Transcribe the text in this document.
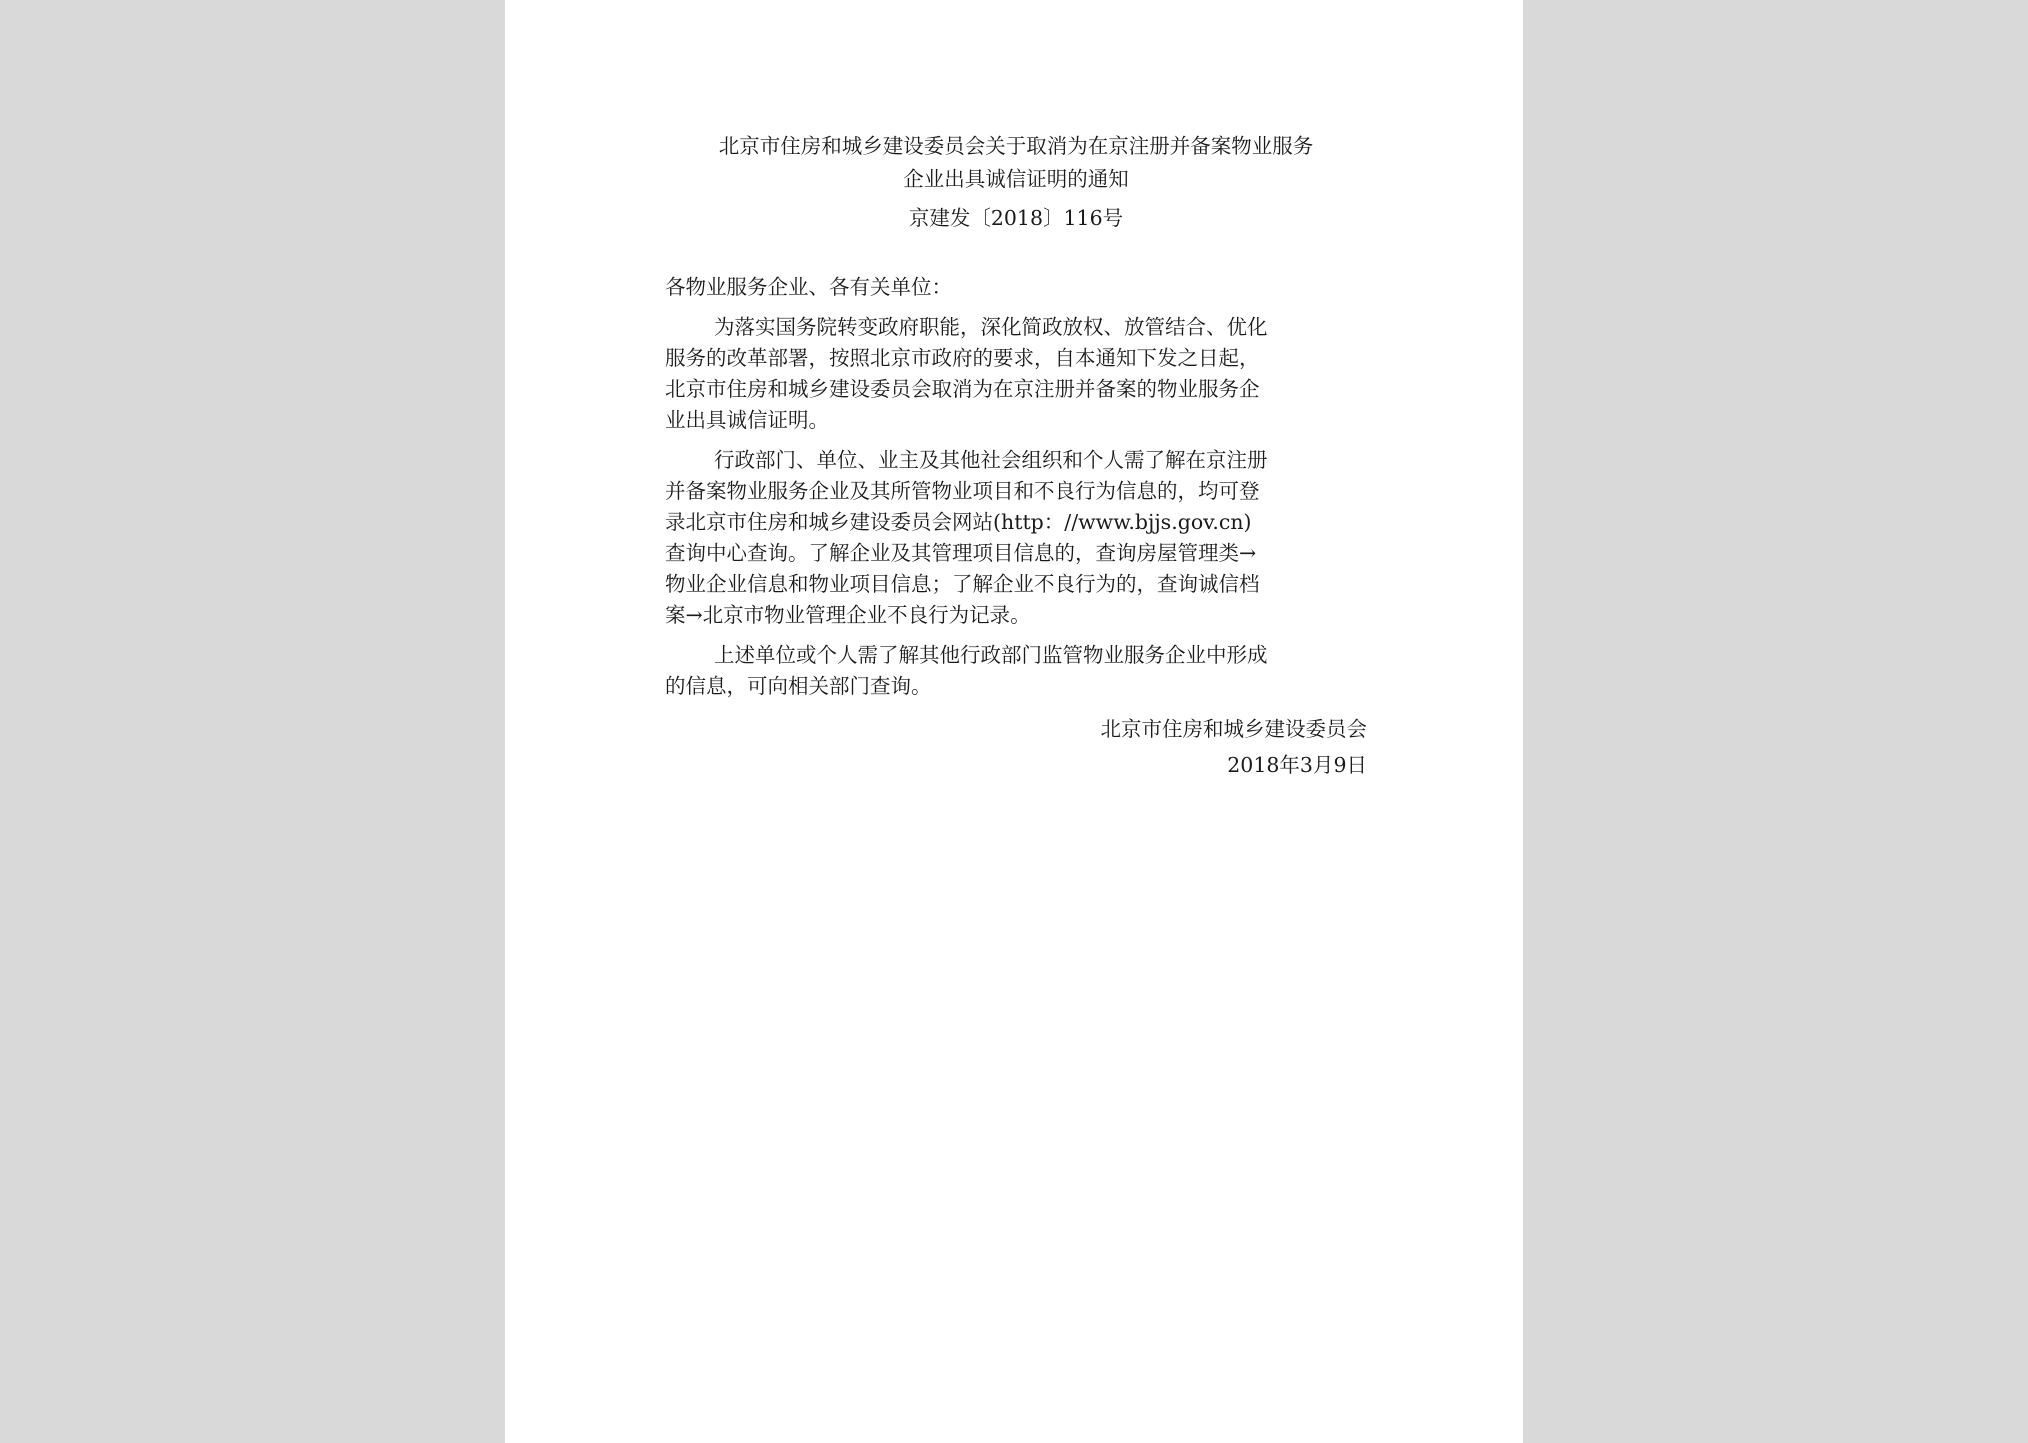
北京市住房和城乡建设委员会关于取消为在京注册并备案物业服务
企业出具诚信证明的通知
京建发〔2018〕116号
各物业服务企业、各有关单位：
为落实国务院转变政府职能，深化简政放权、放管结合、优化
服务的改革部署，按照北京市政府的要求，自本通知下发之日起，
北京市住房和城乡建设委员会取消为在京注册并备案的物业服务企
业出具诚信证明。
行政部门、单位、业主及其他社会组织和个人需了解在京注册
并备案物业服务企业及其所管物业项目和不良行为信息的，均可登
录北京市住房和城乡建设委员会网站(http：//www.bjjs.gov.cn)
查询中心查询。了解企业及其管理项目信息的，查询房屋管理类→
物业企业信息和物业项目信息；了解企业不良行为的，查询诚信档
案→北京市物业管理企业不良行为记录。
上述单位或个人需了解其他行政部门监管物业服务企业中形成
的信息，可向相关部门查询。
北京市住房和城乡建设委员会
2018年3月9日
